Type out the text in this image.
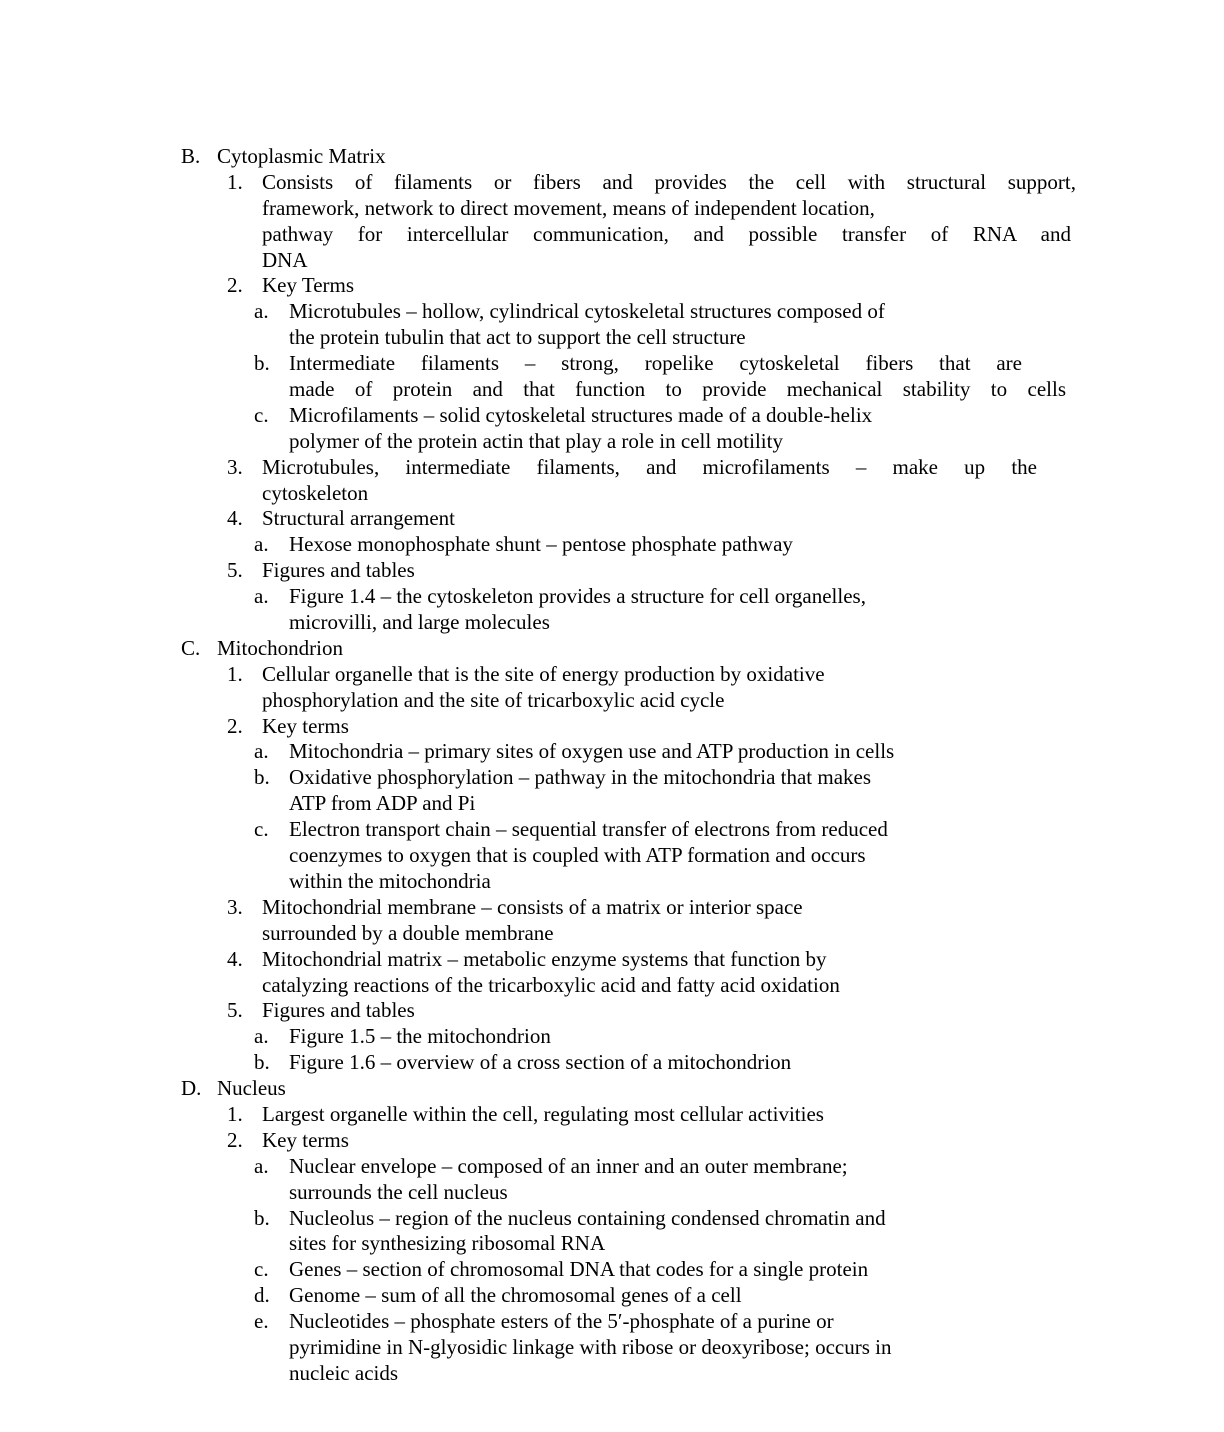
B. Cytoplasmic Matrix
1. Consists of filaments or fibers and provides the cell with structural support,
framework, network to direct movement, means of independent location,
pathway for intercellular communication, and possible transfer of RNA and
DNA
2. Key Terms
a. Microtubules – hollow, cylindrical cytoskeletal structures composed of
the protein tubulin that act to support the cell structure
b. Intermediate filaments – strong, ropelike cytoskeletal fibers that are
made of protein and that function to provide mechanical stability to cells
c. Microfilaments – solid cytoskeletal structures made of a double-helix
polymer of the protein actin that play a role in cell motility
3. Microtubules, intermediate filaments, and microfilaments – make up the
cytoskeleton
4. Structural arrangement
a. Hexose monophosphate shunt – pentose phosphate pathway
5. Figures and tables
a. Figure 1.4 – the cytoskeleton provides a structure for cell organelles,
microvilli, and large molecules
C. Mitochondrion
1. Cellular organelle that is the site of energy production by oxidative
phosphorylation and the site of tricarboxylic acid cycle
2. Key terms
a. Mitochondria – primary sites of oxygen use and ATP production in cells
b. Oxidative phosphorylation – pathway in the mitochondria that makes
ATP from ADP and Pi
c. Electron transport chain – sequential transfer of electrons from reduced
coenzymes to oxygen that is coupled with ATP formation and occurs
within the mitochondria
3. Mitochondrial membrane – consists of a matrix or interior space
surrounded by a double membrane
4. Mitochondrial matrix – metabolic enzyme systems that function by
catalyzing reactions of the tricarboxylic acid and fatty acid oxidation
5. Figures and tables
a. Figure 1.5 – the mitochondrion
b. Figure 1.6 – overview of a cross section of a mitochondrion
D. Nucleus
1. Largest organelle within the cell, regulating most cellular activities
2. Key terms
a. Nuclear envelope – composed of an inner and an outer membrane;
surrounds the cell nucleus
b. Nucleolus – region of the nucleus containing condensed chromatin and
sites for synthesizing ribosomal RNA
c. Genes – section of chromosomal DNA that codes for a single protein
d. Genome – sum of all the chromosomal genes of a cell
e. Nucleotides – phosphate esters of the 5′-phosphate of a purine or
pyrimidine in N-glyosidic linkage with ribose or deoxyribose; occurs in
nucleic acids
